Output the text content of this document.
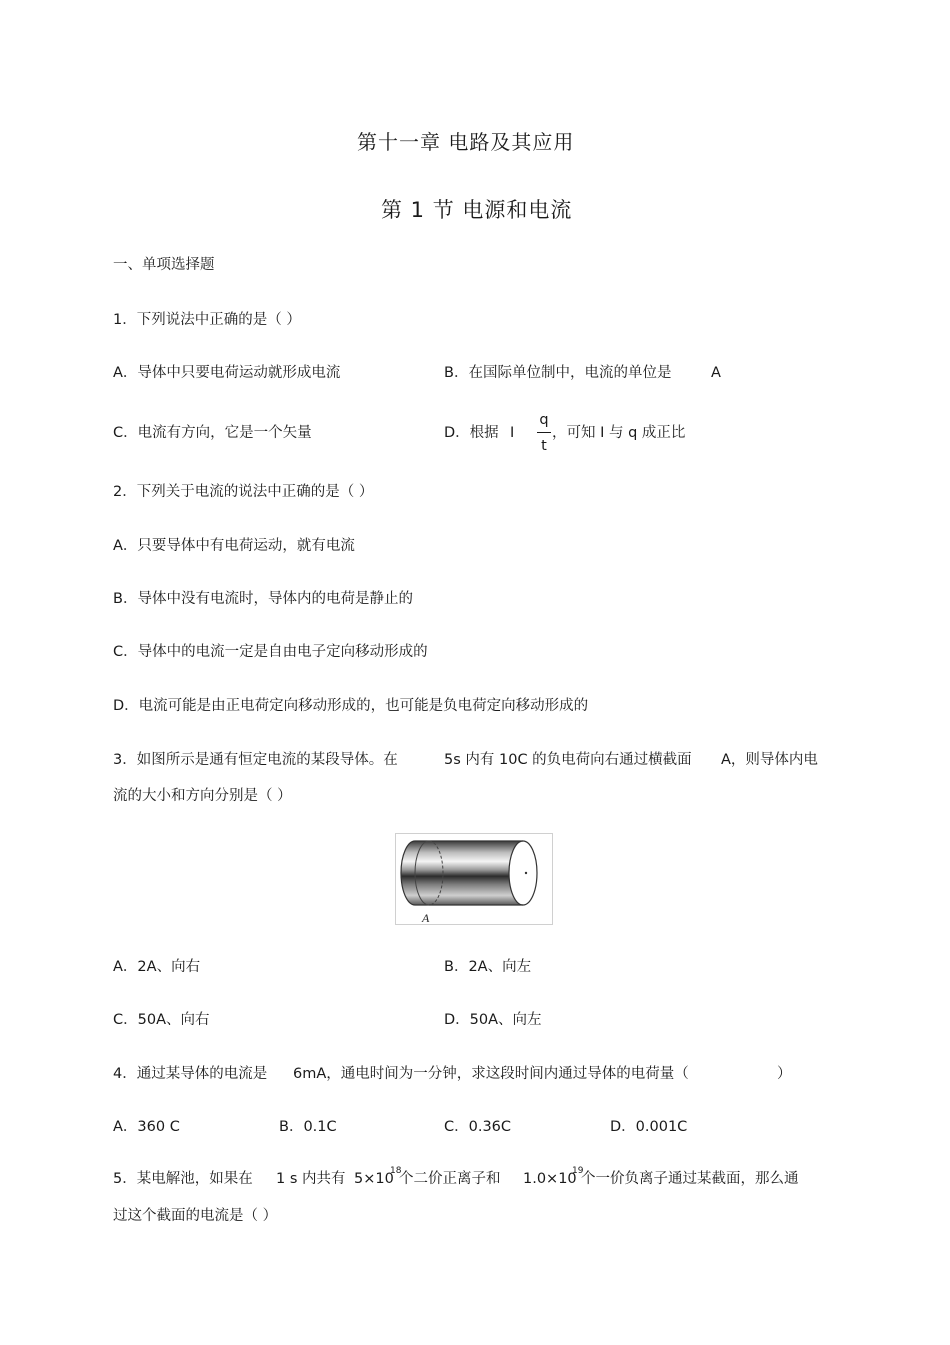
第十一章 电路及其应用
第 1 节 电源和电流
一、单项选择题
1．下列说法中正确的是（ ）
A．导体中只要电荷运动就形成电流	B．在国际单位制中，电流的单位是	A
C．电流有方向，它是一个矢量	D．根据 I
q
t
，可知 I 与 q 成正比
2．下列关于电流的说法中正确的是（ ）
A．只要导体中有电荷运动，就有电流
B．导体中没有电流时，导体内的电荷是静止的
C．导体中的电流一定是自由电子定向移动形成的
D．电流可能是由正电荷定向移动形成的，也可能是负电荷定向移动形成的
3．如图所示是通有恒定电流的某段导体。在	5s 内有 10C 的负电荷向右通过横截面 A，则导体内电
流的大小和方向分别是（ ）
A
A．2A、向右	B．2A、向左
C．50A、向右	D．50A、向左
4．通过某导体的电流是 6mA，通电时间为一分钟，求这段时间内通过导体的电荷量（	）
A．360 C	B．0.1C	C．0.36C	D．0.001C
5．某电解池，如果在 1 s 内共有 5×10
18
个二价正离子和 1.0×10
19
个一价负离子通过某截面，那么通
过这个截面的电流是（ ）
